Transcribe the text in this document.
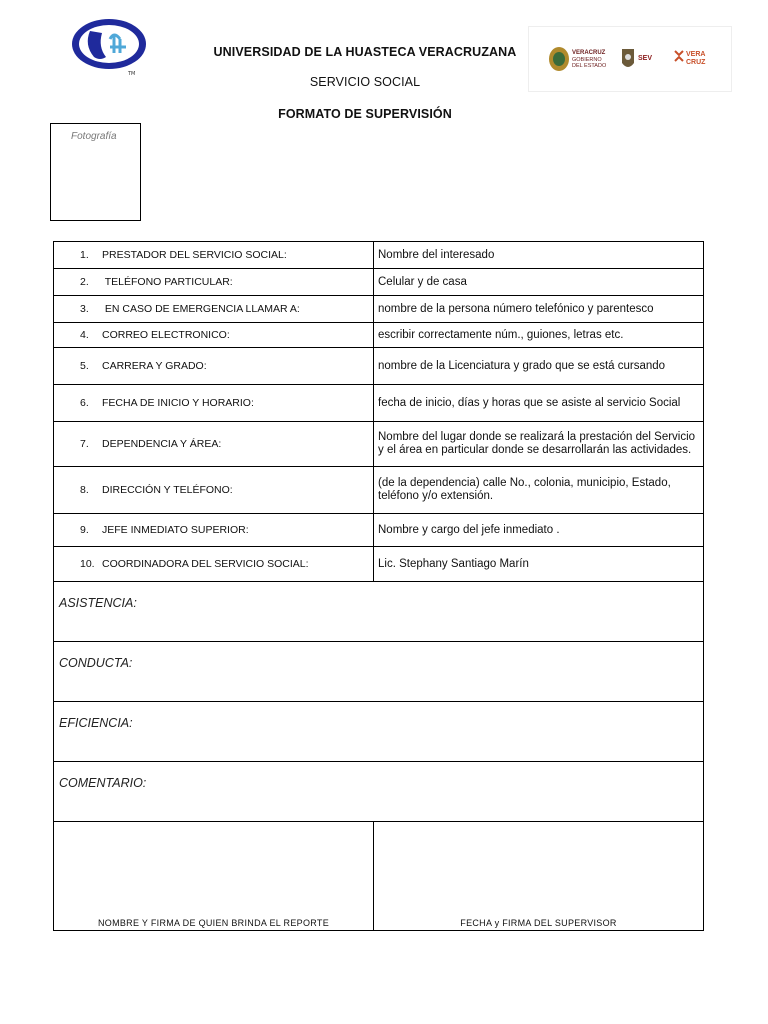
TM
UNIVERSIDAD DE LA HUASTECA VERACRUZANA
SERVICIO SOCIAL
FORMATO DE SUPERVISIÓN
VERACRUZ
GOBIERNO
DEL ESTADO
SEV
VERA
CRUZ
Fotografía
1. PRESTADOR DEL SERVICIO SOCIAL:	Nombre del interesado
2. TELÉFONO PARTICULAR:	Celular y de casa
3. EN CASO DE EMERGENCIA LLAMAR A:	nombre de la persona número telefónico y parentesco
4. CORREO ELECTRONICO:	escribir correctamente núm., guiones, letras etc.
5. CARRERA Y GRADO:	nombre de la Licenciatura y grado que se está cursando
6. FECHA DE INICIO Y HORARIO:	fecha de inicio, días y horas que se asiste al servicio Social
7. DEPENDENCIA Y ÁREA:	Nombre del lugar donde se realizará la prestación del Servicio y el área en particular donde se desarrollarán las actividades.
8. DIRECCIÓN Y TELÉFONO:	(de la dependencia) calle No., colonia, municipio, Estado, teléfono y/o extensión.
9. JEFE INMEDIATO SUPERIOR:	Nombre y cargo del jefe inmediato .
10. COORDINADORA DEL SERVICIO SOCIAL:	Lic. Stephany Santiago Marín
ASISTENCIA:	
CONDUCTA:	
EFICIENCIA:	
COMENTARIO:	
NOMBRE Y FIRMA DE QUIEN BRINDA EL REPORTE	FECHA y FIRMA DEL SUPERVISOR
